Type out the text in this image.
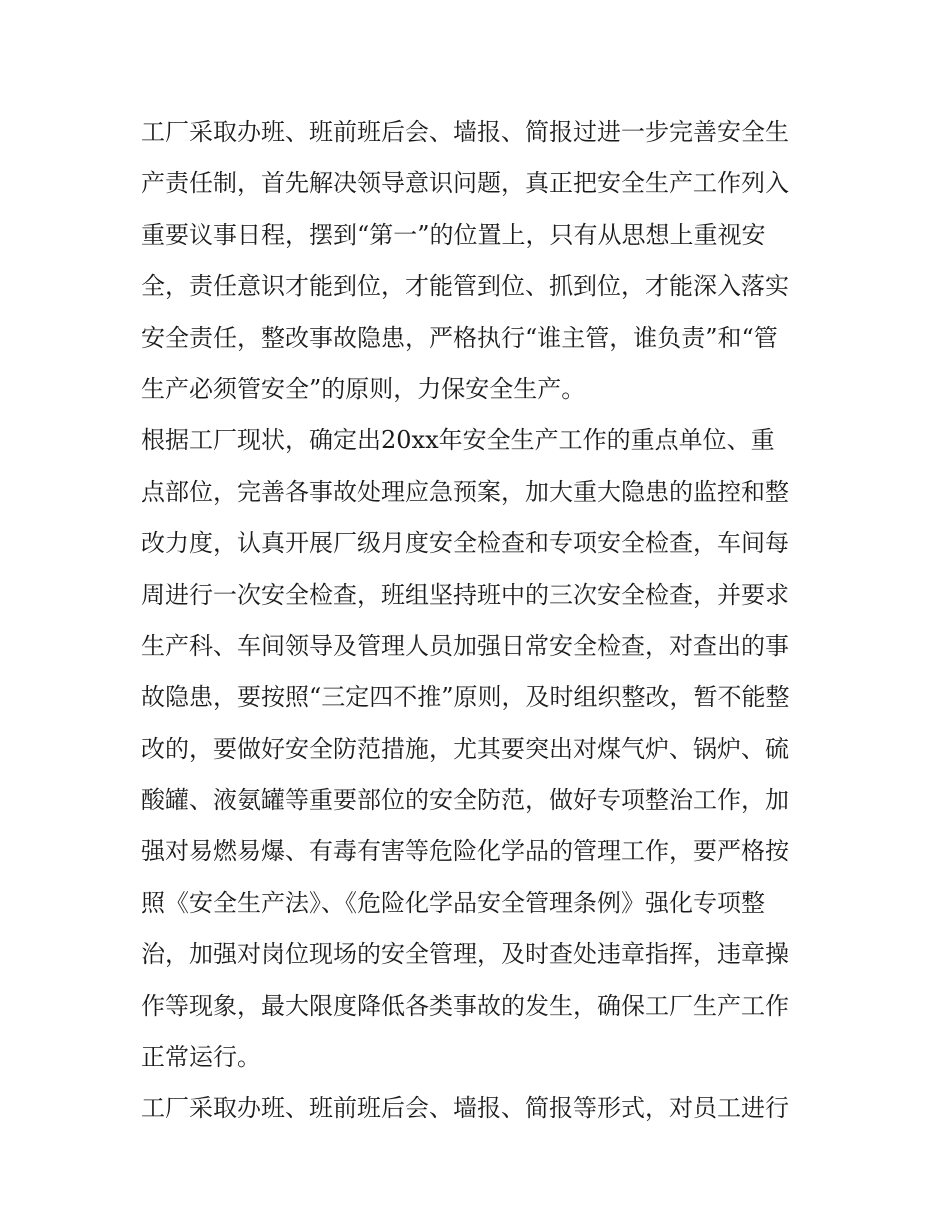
工厂采取办班、班前班后会、墙报、简报过进一步完善安全生
产责任制，首先解决领导意识问题，真正把安全生产工作列入
重要议事日程，摆到“第一”的位置上，只有从思想上重视安
全，责任意识才能到位，才能管到位、抓到位，才能深入落实
安全责任，整改事故隐患，严格执行“谁主管，谁负责”和“管
生产必须管安全”的原则，力保安全生产。
根据工厂现状，确定出20xx年安全生产工作的重点单位、重
点部位，完善各事故处理应急预案，加大重大隐患的监控和整
改力度，认真开展厂级月度安全检查和专项安全检查，车间每
周进行一次安全检查，班组坚持班中的三次安全检查，并要求
生产科、车间领导及管理人员加强日常安全检查，对查出的事
故隐患，要按照“三定四不推”原则，及时组织整改，暂不能整
改的，要做好安全防范措施，尤其要突出对煤气炉、锅炉、硫
酸罐、液氨罐等重要部位的安全防范，做好专项整治工作，加
强对易燃易爆、有毒有害等危险化学品的管理工作，要严格按
照《安全生产法》、《危险化学品安全管理条例》强化专项整
治，加强对岗位现场的安全管理，及时查处违章指挥，违章操
作等现象，最大限度降低各类事故的发生，确保工厂生产工作
正常运行。
工厂采取办班、班前班后会、墙报、简报等形式，对员工进行
